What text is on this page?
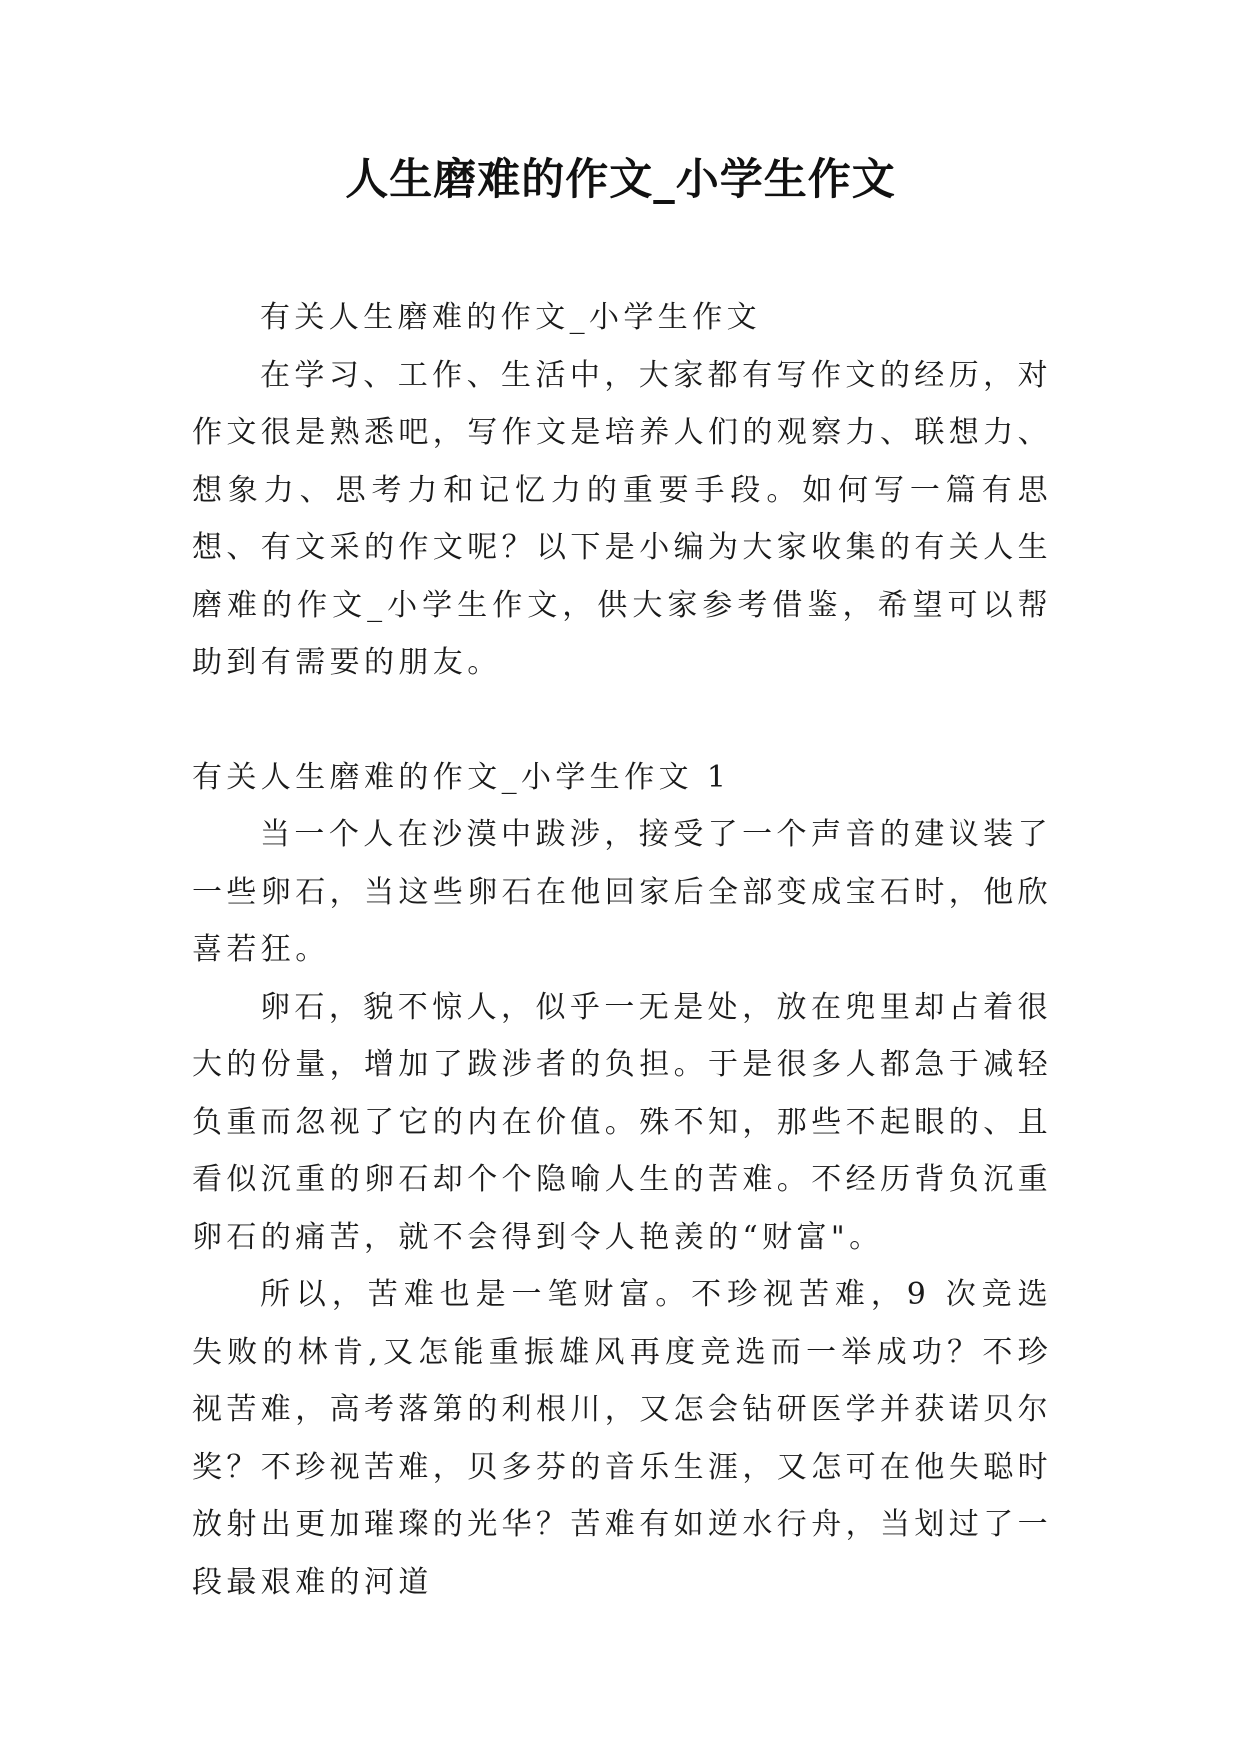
人生磨难的作文_小学生作文

有关人生磨难的作文_小学生作文

在学习、工作、生活中，大家都有写作文的经历，对作文很是熟悉吧，写作文是培养人们的观察力、联想力、想象力、思考力和记忆力的重要手段。如何写一篇有思想、有文采的作文呢？以下是小编为大家收集的有关人生磨难的作文_小学生作文，供大家参考借鉴，希望可以帮助到有需要的朋友。

有关人生磨难的作文_小学生作文 1

当一个人在沙漠中跋涉，接受了一个声音的建议装了一些卵石，当这些卵石在他回家后全部变成宝石时，他欣喜若狂。

卵石，貌不惊人，似乎一无是处，放在兜里却占着很大的份量，增加了跋涉者的负担。于是很多人都急于减轻负重而忽视了它的内在价值。殊不知，那些不起眼的、且看似沉重的卵石却个个隐喻人生的苦难。不经历背负沉重卵石的痛苦，就不会得到令人艳羡的“财富"。

所以，苦难也是一笔财富。不珍视苦难，9 次竞选失败的林肯,又怎能重振雄风再度竞选而一举成功？不珍视苦难，高考落第的利根川，又怎会钻研医学并获诺贝尔奖？不珍视苦难，贝多芬的音乐生涯，又怎可在他失聪时放射出更加璀璨的光华？苦难有如逆水行舟，当划过了一段最艰难的河道
